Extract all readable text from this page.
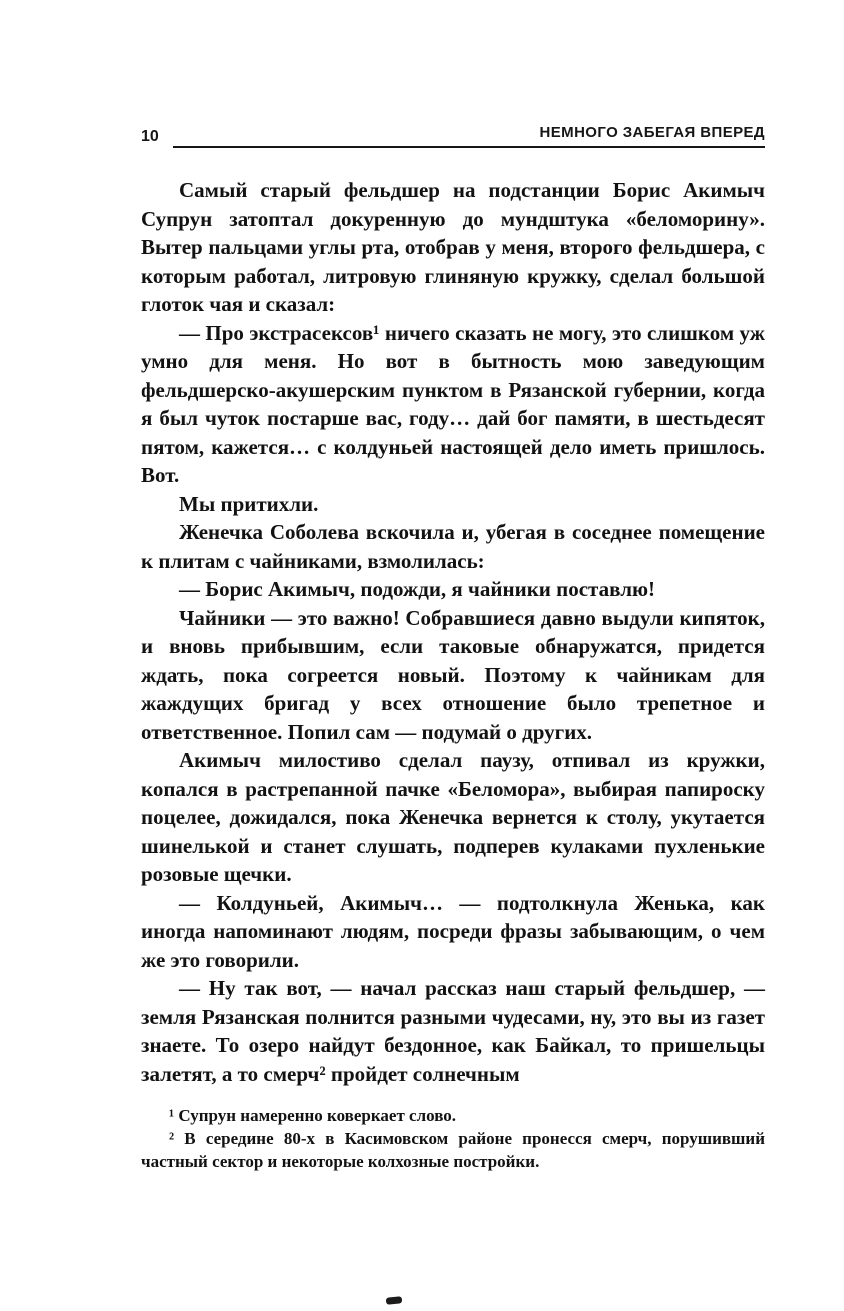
10	НЕМНОГО ЗАБЕГАЯ ВПЕРЕД

Самый старый фельдшер на подстанции Борис Акимыч Супрун затоптал докуренную до мундштука «беломорину». Вытер пальцами углы рта, отобрав у меня, второго фельдшера, с которым работал, литровую глиняную кружку, сделал большой глоток чая и сказал:

— Про экстрасексов¹ ничего сказать не могу, это слишком уж умно для меня. Но вот в бытность мою заведующим фельдшерско-акушерским пунктом в Рязанской губернии, когда я был чуток постарше вас, году… дай бог памяти, в шестьдесят пятом, кажется… с колдуньей настоящей дело иметь пришлось. Вот.

Мы притихли.

Женечка Соболева вскочила и, убегая в соседнее помещение к плитам с чайниками, взмолилась:

— Борис Акимыч, подожди, я чайники поставлю!

Чайники — это важно! Собравшиеся давно выдули кипяток, и вновь прибывшим, если таковые обнаружатся, придется ждать, пока согреется новый. Поэтому к чайникам для жаждущих бригад у всех отношение было трепетное и ответственное. Попил сам — подумай о других.

Акимыч милостиво сделал паузу, отпивал из кружки, копался в растрепанной пачке «Беломора», выбирая папироску поцелее, дожидался, пока Женечка вернется к столу, укутается шинелькой и станет слушать, подперев кулаками пухленькие розовые щечки.

— Колдуньей, Акимыч… — подтолкнула Женька, как иногда напоминают людям, посреди фразы забывающим, о чем же это говорили.

— Ну так вот, — начал рассказ наш старый фельдшер, — земля Рязанская полнится разными чудесами, ну, это вы из газет знаете. То озеро найдут бездонное, как Байкал, то пришельцы залетят, а то смерч² пройдет солнечным

¹ Супрун намеренно коверкает слово.

² В середине 80-х в Касимовском районе пронесся смерч, порушивший частный сектор и некоторые колхозные постройки.
